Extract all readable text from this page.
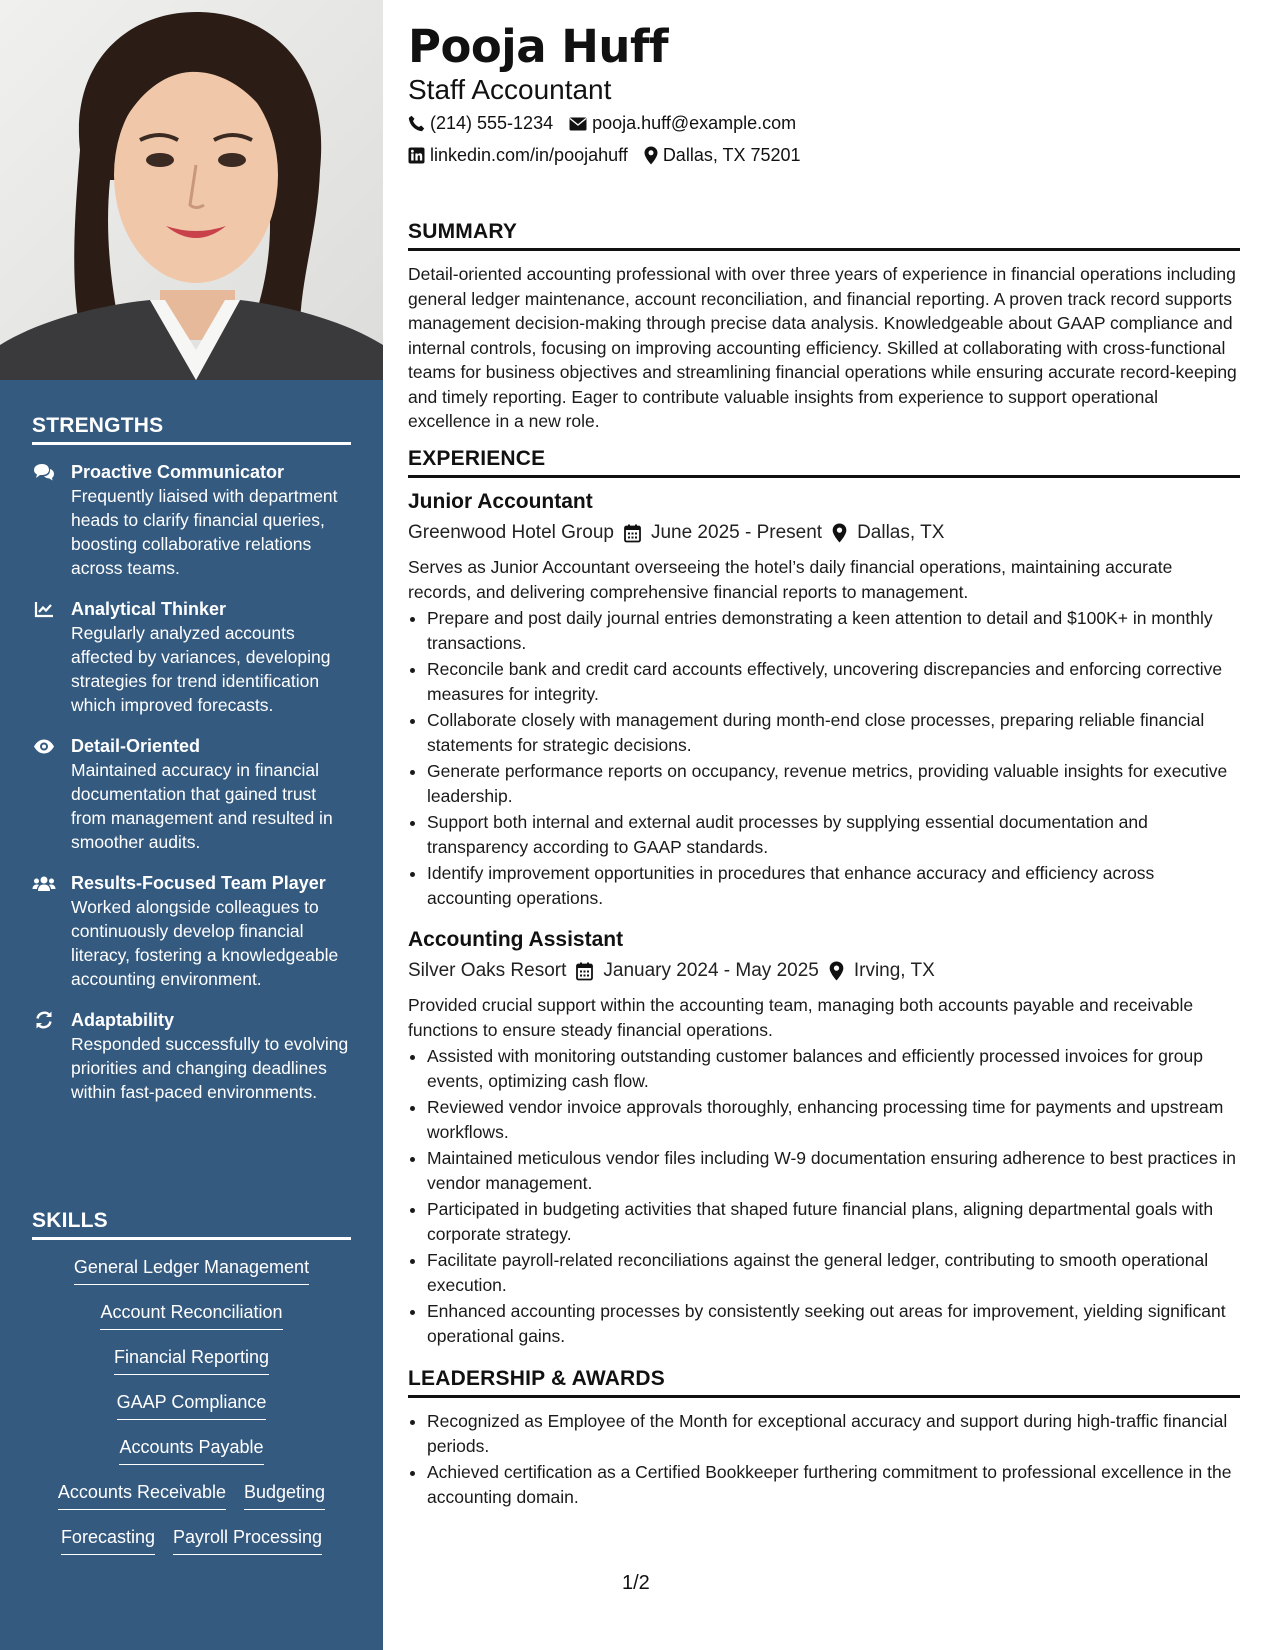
STRENGTHS
Proactive Communicator
Frequently liaised with department heads to clarify financial queries, boosting collaborative relations across teams.
Analytical Thinker
Regularly analyzed accounts affected by variances, developing strategies for trend identification which improved forecasts.
Detail-Oriented
Maintained accuracy in financial documentation that gained trust from management and resulted in smoother audits.
Results-Focused Team Player
Worked alongside colleagues to continuously develop financial literacy, fostering a knowledgeable accounting environment.
Adaptability
Responded successfully to evolving priorities and changing deadlines within fast-paced environments.
SKILLS
General Ledger Management
Account Reconciliation
Financial Reporting
GAAP Compliance
Accounts Payable
Accounts Receivable Budgeting
Forecasting Payroll Processing
Pooja Huff
Staff Accountant
(214) 555-1234 pooja.huff@example.com
linkedin.com/in/poojahuff Dallas, TX 75201
SUMMARY
Detail-oriented accounting professional with over three years of experience in financial operations including general ledger maintenance, account reconciliation, and financial reporting. A proven track record supports management decision-making through precise data analysis. Knowledgeable about GAAP compliance and internal controls, focusing on improving accounting efficiency. Skilled at collaborating with cross-functional teams for business objectives and streamlining financial operations while ensuring accurate record-keeping and timely reporting. Eager to contribute valuable insights from experience to support operational excellence in a new role.
EXPERIENCE
Junior Accountant
Greenwood Hotel Group June 2025 - Present Dallas, TX
Serves as Junior Accountant overseeing the hotel’s daily financial operations, maintaining accurate records, and delivering comprehensive financial reports to management.
• Prepare and post daily journal entries demonstrating a keen attention to detail and $100K+ in monthly transactions.
• Reconcile bank and credit card accounts effectively, uncovering discrepancies and enforcing corrective measures for integrity.
• Collaborate closely with management during month-end close processes, preparing reliable financial statements for strategic decisions.
• Generate performance reports on occupancy, revenue metrics, providing valuable insights for executive leadership.
• Support both internal and external audit processes by supplying essential documentation and transparency according to GAAP standards.
• Identify improvement opportunities in procedures that enhance accuracy and efficiency across accounting operations.
Accounting Assistant
Silver Oaks Resort January 2024 - May 2025 Irving, TX
Provided crucial support within the accounting team, managing both accounts payable and receivable functions to ensure steady financial operations.
• Assisted with monitoring outstanding customer balances and efficiently processed invoices for group events, optimizing cash flow.
• Reviewed vendor invoice approvals thoroughly, enhancing processing time for payments and upstream workflows.
• Maintained meticulous vendor files including W-9 documentation ensuring adherence to best practices in vendor management.
• Participated in budgeting activities that shaped future financial plans, aligning departmental goals with corporate strategy.
• Facilitate payroll-related reconciliations against the general ledger, contributing to smooth operational execution.
• Enhanced accounting processes by consistently seeking out areas for improvement, yielding significant operational gains.
LEADERSHIP & AWARDS
• Recognized as Employee of the Month for exceptional accuracy and support during high-traffic financial periods.
• Achieved certification as a Certified Bookkeeper furthering commitment to professional excellence in the accounting domain.
1/2
